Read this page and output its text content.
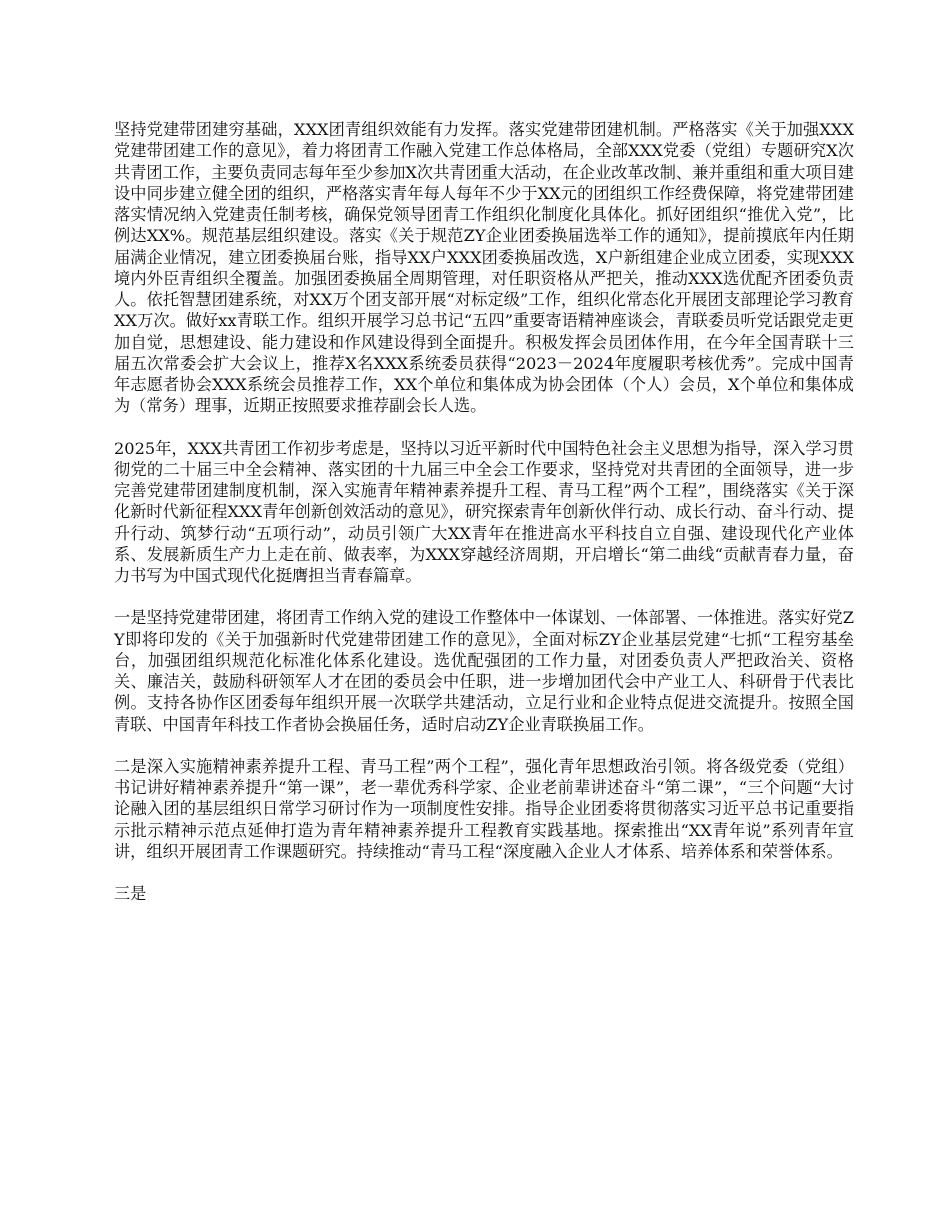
坚持党建带团建穷基础，XXX团青组织效能有力发挥。落实党建带团建机制。严格落实《关于加强XXX党建带团建工作的意见》，着力将团青工作融入党建工作总体格局，全部XXX党委（党组）专题研究X次共青团工作，主要负责同志每年至少参加X次共青团重大活动，在企业改革改制、兼并重组和重大项目建设中同步建立健全团的组织，严格落实青年每人每年不少于XX元的团组织工作经费保障，将党建带团建落实情况纳入党建责任制考核，确保党领导团青工作组织化制度化具体化。抓好团组织“推优入党”，比例达XX%。规范基层组织建设。落实《关于规范ZY企业团委换届选举工作的通知》，提前摸底年内任期届满企业情况，建立团委换届台账，指导XX户XXX团委换届改选，X户新组建企业成立团委，实现XXX境内外臣青组织全覆盖。加强团委换届全周期管理，对任职资格从严把关，推动XXX选优配齐团委负责人。依托智慧团建系统，对XX万个团支部开展“对标定级”工作，组织化常态化开展团支部理论学习教育XX万次。做好xx青联工作。组织开展学习总书记“五四”重要寄语精神座谈会，青联委员听党话跟党走更加自觉，思想建设、能力建设和作风建设得到全面提升。积极发挥会员团体作用，在今年全国青联十三届五次常委会扩大会议上，推荐X名XXX系统委员获得“2023－2024年度履职考核优秀”。完成中国青年志愿者协会XXX系统会员推荐工作，XX个单位和集体成为协会团体（个人）会员，X个单位和集体成为（常务）理事，近期正按照要求推荐副会长人选。

2025年，XXX共青团工作初步考虑是，坚持以习近平新时代中国特色社会主义思想为指导，深入学习贯彻党的二十届三中全会精神、落实团的十九届三中全会工作要求，坚持党对共青团的全面领导，进一步完善党建带团建制度机制，深入实施青年精神素养提升工程、青马工程”两个工程”，围绕落实《关于深化新时代新征程XXX青年创新创效活动的意见》，研究探索青年创新伙伴行动、成长行动、奋斗行动、提升行动、筑梦行动“五项行动”，动员引领广大XX青年在推进高水平科技自立自强、建设现代化产业体系、发展新质生产力上走在前、做表率，为XXX穿越经济周期，开启增长“第二曲线“贡献青春力量，奋力书写为中国式现代化挺膺担当青春篇章。

一是坚持党建带团建，将团青工作纳入党的建设工作整体中一体谋划、一体部署、一体推进。落实好党ZY即将印发的《关于加强新时代党建带团建工作的意见》，全面对标ZY企业基层党建“七抓“工程穷基垒台，加强团组织规范化标准化体系化建设。选优配强团的工作力量，对团委负责人严把政治关、资格关、廉洁关，鼓励科研领军人才在团的委员会中任职，进一步增加团代会中产业工人、科研骨于代表比例。支持各协作区团委每年组织开展一次联学共建活动，立足行业和企业特点促进交流提升。按照全国青联、中国青年科技工作者协会换届任务，适时启动ZY企业青联换届工作。

二是深入实施精神素养提升工程、青马工程”两个工程”，强化青年思想政治引领。将各级党委（党组）书记讲好精神素养提升“第一课”，老一辈优秀科学家、企业老前辈讲述奋斗“第二课”，“三个问题“大讨论融入团的基层组织日常学习研讨作为一项制度性安排。指导企业团委将贯彻落实习近平总书记重要指示批示精神示范点延伸打造为青年精神素养提升工程教育实践基地。探索推出“XX青年说”系列青年宣讲，组织开展团青工作课题研究。持续推动“青马工程“深度融入企业人才体系、培养体系和荣誉体系。

三是
